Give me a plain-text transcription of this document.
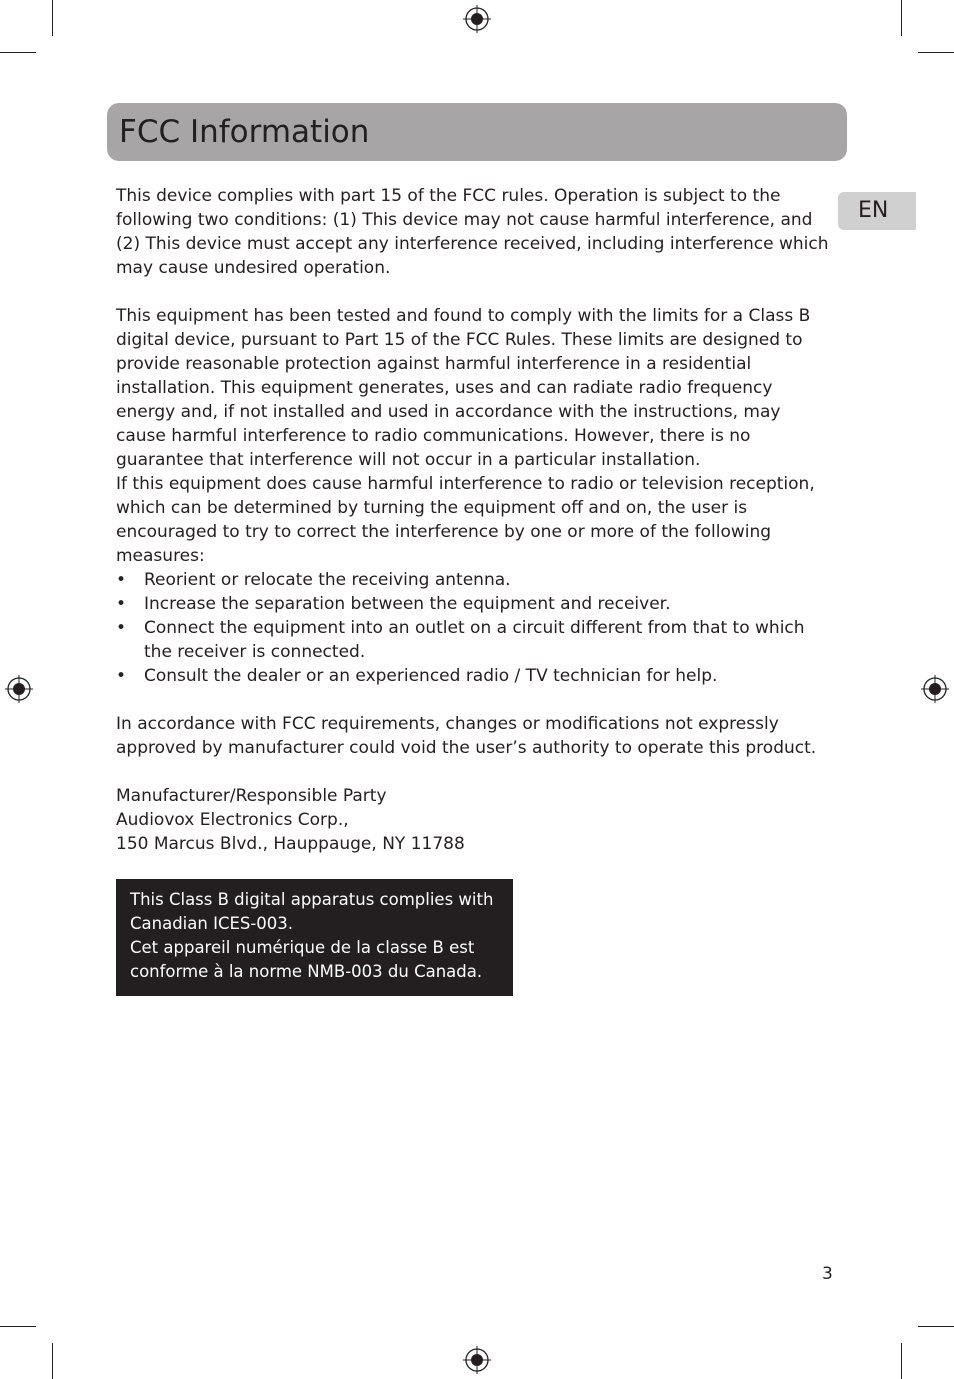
FCC Information
EN

This device complies with part 15 of the FCC rules. Operation is subject to the following two conditions: (1) This device may not cause harmful interference, and (2) This device must accept any interference received, including interference which may cause undesired operation.

This equipment has been tested and found to comply with the limits for a Class B digital device, pursuant to Part 15 of the FCC Rules. These limits are designed to provide reasonable protection against harmful interference in a residential installation. This equipment generates, uses and can radiate radio frequency energy and, if not installed and used in accordance with the instructions, may cause harmful interference to radio communications. However, there is no guarantee that interference will not occur in a particular installation.

If this equipment does cause harmful interference to radio or television reception, which can be determined by turning the equipment off and on, the user is encouraged to try to correct the interference by one or more of the following measures:

• Reorient or relocate the receiving antenna.
• Increase the separation between the equipment and receiver.
• Connect the equipment into an outlet on a circuit different from that to which the receiver is connected.
• Consult the dealer or an experienced radio / TV technician for help.

In accordance with FCC requirements, changes or modifications not expressly approved by manufacturer could void the user’s authority to operate this product.

Manufacturer/Responsible Party
Audiovox Electronics Corp.,
150 Marcus Blvd., Hauppauge, NY 11788

This Class B digital apparatus complies with
Canadian ICES-003.
Cet appareil numérique de la classe B est
conforme à la norme NMB-003 du Canada.
3
